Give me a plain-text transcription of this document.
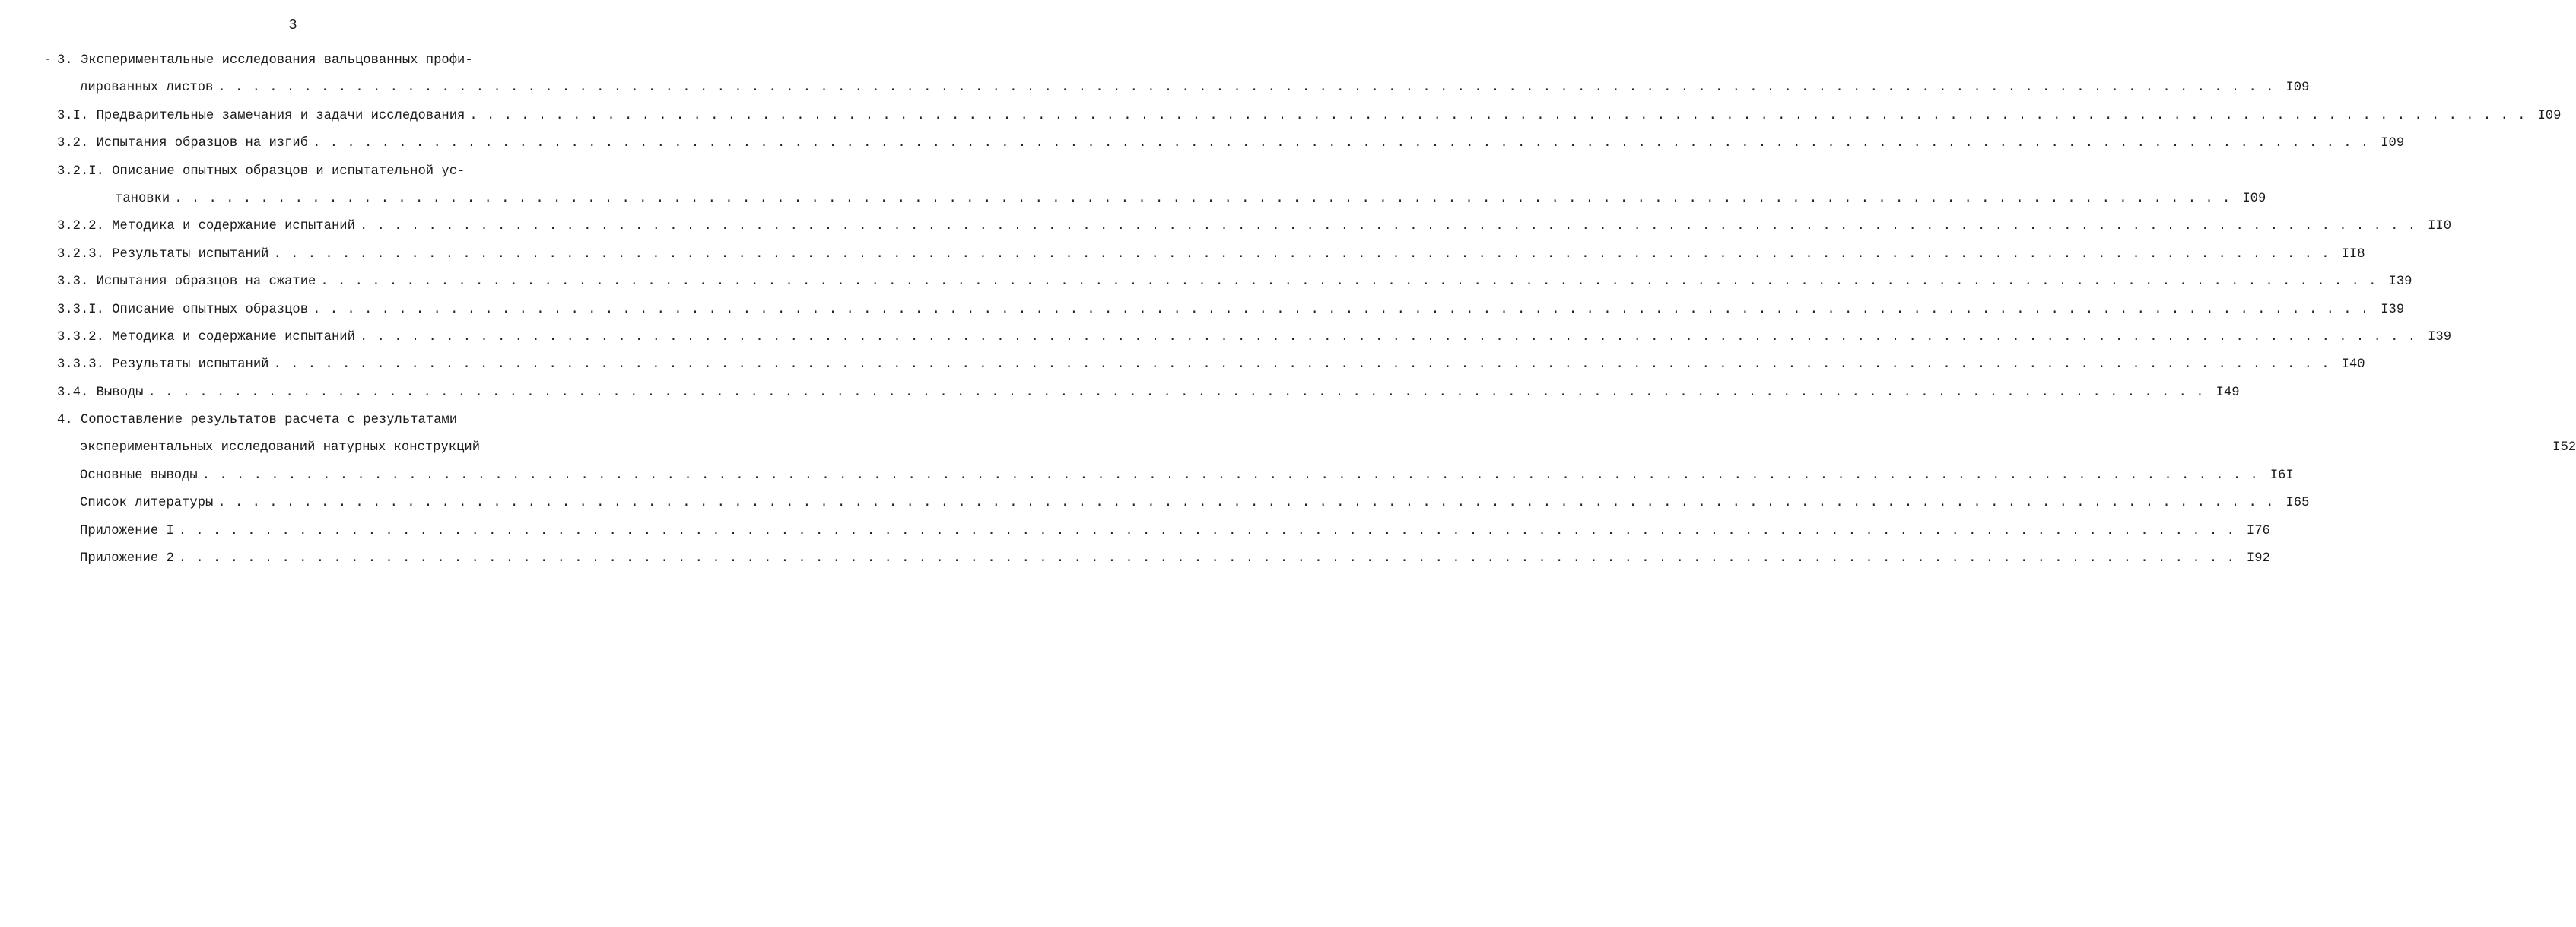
3
3. Экспериментальные исследования вальцованных профи-
лированных листов . . . . . . . . . . . . . . . . . . . . . . . . . . . . . . . . . . . . . . . . . . . . . . . . . . . . . . . . . . . . . . . . . . . . . . . . . . . . . . . . . . . . . . . . . . . . . . . . . . . . . . . . . . . . . . . . . . . . . . . . I09
3.I. Предварительные замечания и задачи исследования . . . . . . . . . . . . . . . . . . . . . . . . . . . . . . . . . . . . . . . . . . . . . . . . . . . . . . . . . . . . . . . . . . . . . . . . . . . . . . . . . . . . . . . . . . . . . . . . . . . . . . . . . . . . . . . . . . . . . . . . I09
3.2. Испытания образцов на изгиб . . . . . . . . . . . . . . . . . . . . . . . . . . . . . . . . . . . . . . . . . . . . . . . . . . . . . . . . . . . . . . . . . . . . . . . . . . . . . . . . . . . . . . . . . . . . . . . . . . . . . . . . . . . . . . . . . . . . . . . . I09
3.2.I. Описание опытных образцов и испытательной ус-
тановки . . . . . . . . . . . . . . . . . . . . . . . . . . . . . . . . . . . . . . . . . . . . . . . . . . . . . . . . . . . . . . . . . . . . . . . . . . . . . . . . . . . . . . . . . . . . . . . . . . . . . . . . . . . . . . . . . . . . . . . . I09
3.2.2. Методика и содержание испытаний . . . . . . . . . . . . . . . . . . . . . . . . . . . . . . . . . . . . . . . . . . . . . . . . . . . . . . . . . . . . . . . . . . . . . . . . . . . . . . . . . . . . . . . . . . . . . . . . . . . . . . . . . . . . . . . . . . . . . . . . II0
3.2.3. Результаты испытаний . . . . . . . . . . . . . . . . . . . . . . . . . . . . . . . . . . . . . . . . . . . . . . . . . . . . . . . . . . . . . . . . . . . . . . . . . . . . . . . . . . . . . . . . . . . . . . . . . . . . . . . . . . . . . . . . . . . . . . . . II8
3.3. Испытания образцов на сжатие . . . . . . . . . . . . . . . . . . . . . . . . . . . . . . . . . . . . . . . . . . . . . . . . . . . . . . . . . . . . . . . . . . . . . . . . . . . . . . . . . . . . . . . . . . . . . . . . . . . . . . . . . . . . . . . . . . . . . . . . I39
3.3.I. Описание опытных образцов . . . . . . . . . . . . . . . . . . . . . . . . . . . . . . . . . . . . . . . . . . . . . . . . . . . . . . . . . . . . . . . . . . . . . . . . . . . . . . . . . . . . . . . . . . . . . . . . . . . . . . . . . . . . . . . . . . . . . . . . I39
3.3.2. Методика и содержание испытаний . . . . . . . . . . . . . . . . . . . . . . . . . . . . . . . . . . . . . . . . . . . . . . . . . . . . . . . . . . . . . . . . . . . . . . . . . . . . . . . . . . . . . . . . . . . . . . . . . . . . . . . . . . . . . . . . . . . . . . . . I39
3.3.3. Результаты испытаний . . . . . . . . . . . . . . . . . . . . . . . . . . . . . . . . . . . . . . . . . . . . . . . . . . . . . . . . . . . . . . . . . . . . . . . . . . . . . . . . . . . . . . . . . . . . . . . . . . . . . . . . . . . . . . . . . . . . . . . . I40
3.4. Выводы . . . . . . . . . . . . . . . . . . . . . . . . . . . . . . . . . . . . . . . . . . . . . . . . . . . . . . . . . . . . . . . . . . . . . . . . . . . . . . . . . . . . . . . . . . . . . . . . . . . . . . . . . . . . . . . . . . . . . . . . I49
4. Сопоставление результатов расчета с результатами
экспериментальных исследований натурных конструкций	I52
Основные выводы . . . . . . . . . . . . . . . . . . . . . . . . . . . . . . . . . . . . . . . . . . . . . . . . . . . . . . . . . . . . . . . . . . . . . . . . . . . . . . . . . . . . . . . . . . . . . . . . . . . . . . . . . . . . . . . . . . . . . . . . I6I
Список литературы . . . . . . . . . . . . . . . . . . . . . . . . . . . . . . . . . . . . . . . . . . . . . . . . . . . . . . . . . . . . . . . . . . . . . . . . . . . . . . . . . . . . . . . . . . . . . . . . . . . . . . . . . . . . . . . . . . . . . . . . I65
Приложение I . . . . . . . . . . . . . . . . . . . . . . . . . . . . . . . . . . . . . . . . . . . . . . . . . . . . . . . . . . . . . . . . . . . . . . . . . . . . . . . . . . . . . . . . . . . . . . . . . . . . . . . . . . . . . . . . . . . . . . . . I76
Приложение 2 . . . . . . . . . . . . . . . . . . . . . . . . . . . . . . . . . . . . . . . . . . . . . . . . . . . . . . . . . . . . . . . . . . . . . . . . . . . . . . . . . . . . . . . . . . . . . . . . . . . . . . . . . . . . . . . . . . . . . . . . I92
